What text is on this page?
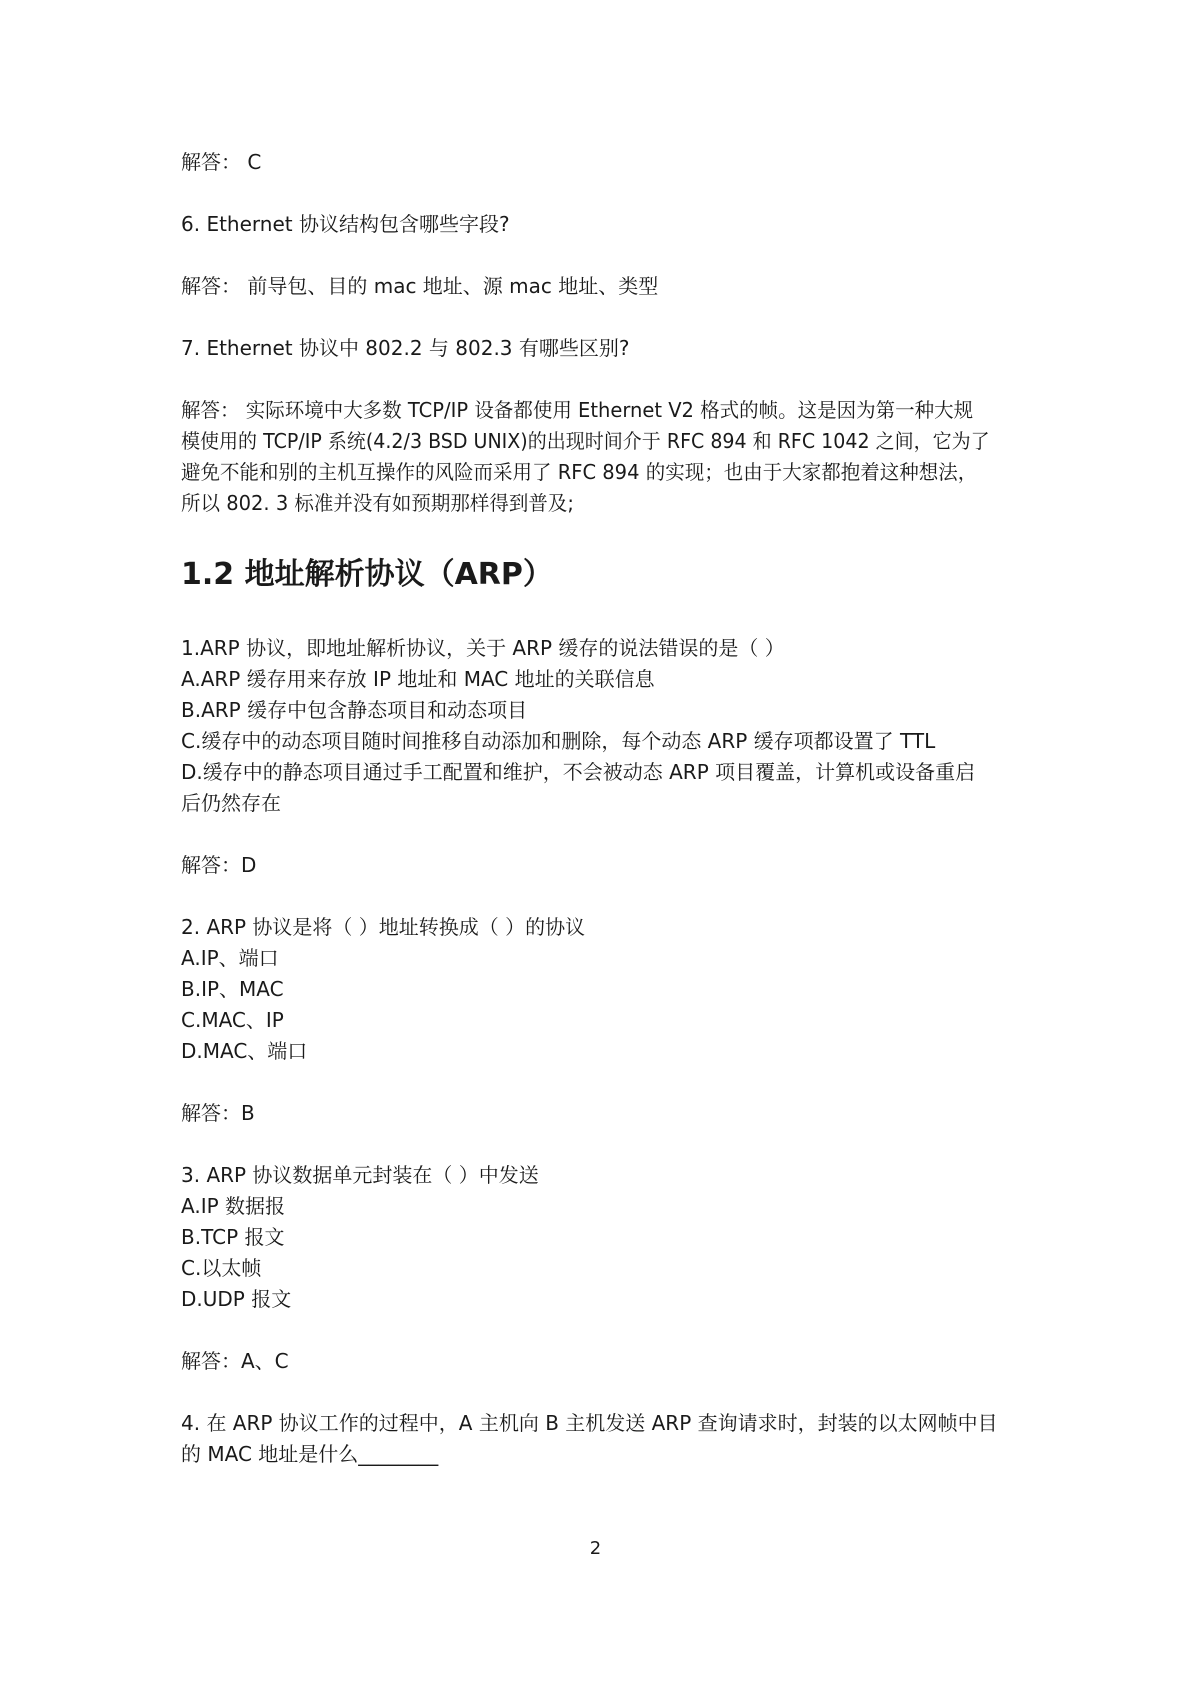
解答： C
6. Ethernet 协议结构包含哪些字段?
解答： 前导包、目的 mac 地址、源 mac 地址、类型
7. Ethernet 协议中 802.2 与 802.3 有哪些区别?
解答： 实际环境中大多数 TCP/IP 设备都使用 Ethernet V2 格式的帧。这是因为第一种大规
模使用的 TCP/IP 系统(4.2/3 BSD UNIX)的出现时间介于 RFC 894 和 RFC 1042 之间，它为了
避免不能和别的主机互操作的风险而采用了 RFC 894 的实现；也由于大家都抱着这种想法，
所以 802. 3 标准并没有如预期那样得到普及;
1.2 地址解析协议（ARP）
1.ARP 协议，即地址解析协议，关于 ARP 缓存的说法错误的是（ ）
A.ARP 缓存用来存放 IP 地址和 MAC 地址的关联信息
B.ARP 缓存中包含静态项目和动态项目
C.缓存中的动态项目随时间推移自动添加和删除，每个动态 ARP 缓存项都设置了 TTL
D.缓存中的静态项目通过手工配置和维护，不会被动态 ARP 项目覆盖，计算机或设备重启
后仍然存在
解答：D
2. ARP 协议是将（ ）地址转换成（ ）的协议
A.IP、端口
B.IP、MAC
C.MAC、IP
D.MAC、端口
解答：B
3. ARP 协议数据单元封装在（ ）中发送
A.IP 数据报
B.TCP 报文
C.以太帧
D.UDP 报文
解答：A、C
4. 在 ARP 协议工作的过程中，A 主机向 B 主机发送 ARP 查询请求时，封装的以太网帧中目
的 MAC 地址是什么________
2
